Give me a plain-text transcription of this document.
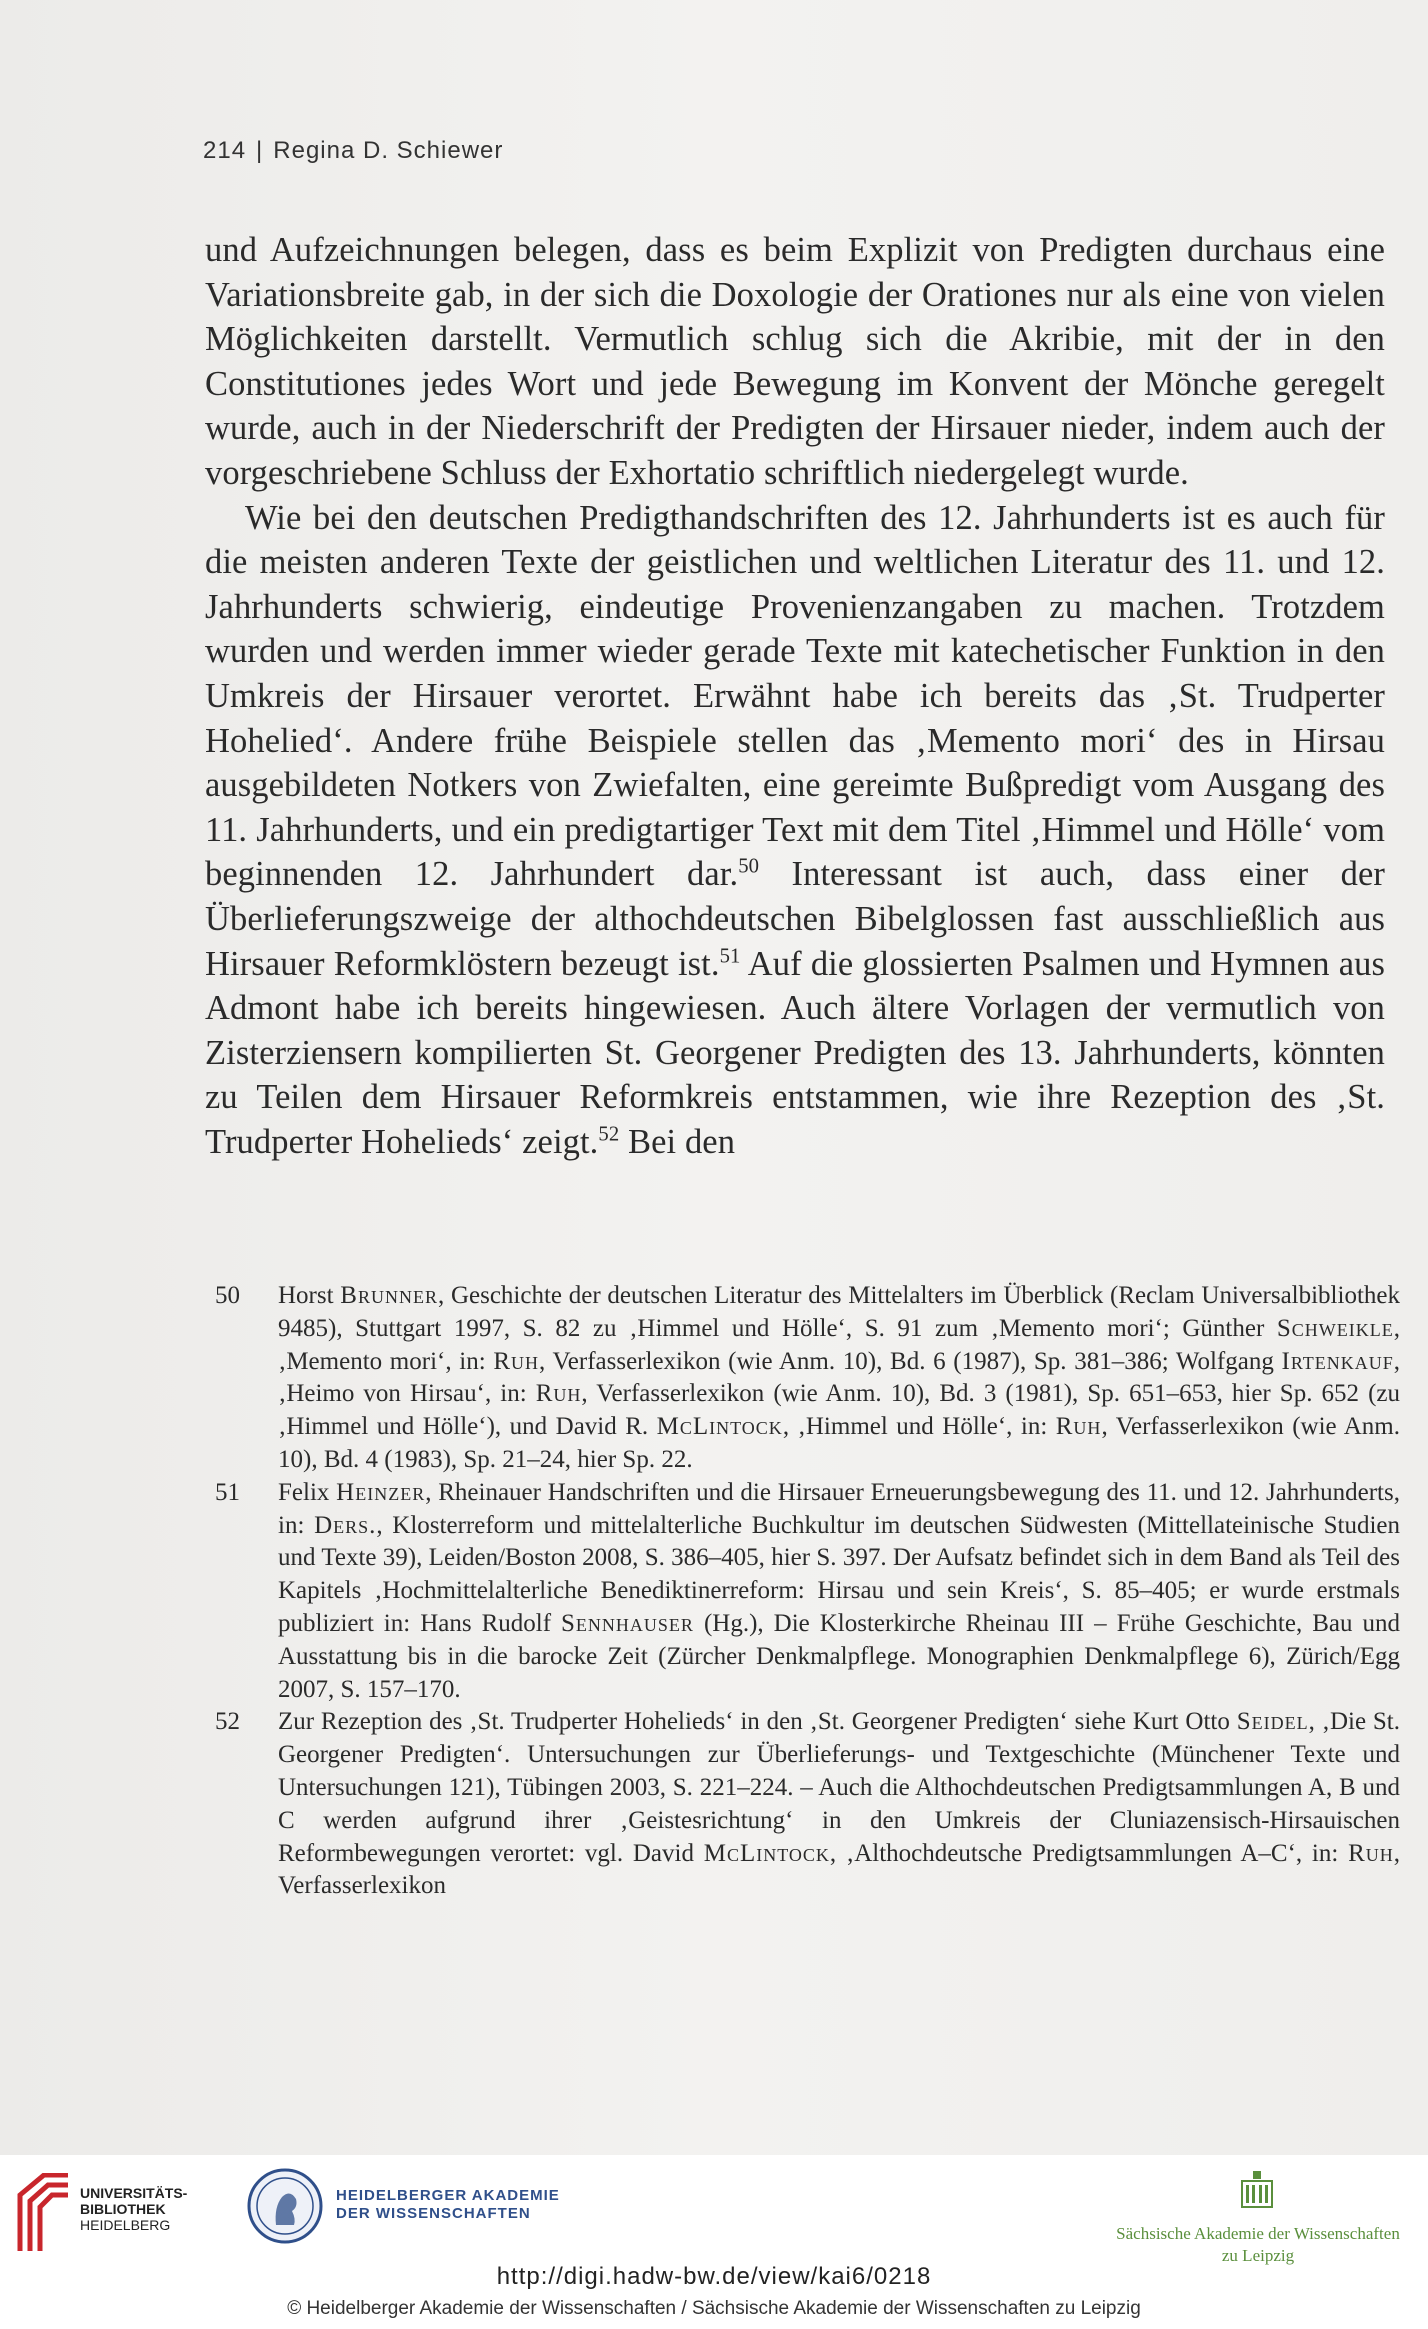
214 | Regina D. Schiewer

und Aufzeichnungen belegen, dass es beim Explizit von Predigten durchaus eine Variationsbreite gab, in der sich die Doxologie der Orationes nur als eine von vielen Möglichkeiten darstellt. Vermutlich schlug sich die Akribie, mit der in den Constitutiones jedes Wort und jede Bewegung im Konvent der Mönche geregelt wurde, auch in der Niederschrift der Predigten der Hirsauer nieder, indem auch der vorgeschriebene Schluss der Exhortatio schriftlich niedergelegt wurde.

Wie bei den deutschen Predigthandschriften des 12. Jahrhunderts ist es auch für die meisten anderen Texte der geistlichen und weltlichen Literatur des 11. und 12. Jahrhunderts schwierig, eindeutige Provenienzangaben zu machen. Trotzdem wurden und werden immer wieder gerade Texte mit katechetischer Funktion in den Umkreis der Hirsauer verortet. Erwähnt habe ich bereits das ‚St. Trudperter Hohelied‘. Andere frühe Beispiele stellen das ‚Memento mori‘ des in Hirsau ausgebildeten Notkers von Zwiefalten, eine gereimte Bußpredigt vom Ausgang des 11. Jahrhunderts, und ein predigtartiger Text mit dem Titel ‚Himmel und Hölle‘ vom beginnenden 12. Jahrhundert dar.$^{50}$ Interessant ist auch, dass einer der Überlieferungszweige der althochdeutschen Bibelglossen fast ausschließlich aus Hirsauer Reformklöstern bezeugt ist.$^{51}$ Auf die glossierten Psalmen und Hymnen aus Admont habe ich bereits hingewiesen. Auch ältere Vorlagen der vermutlich von Zisterziensern kompilierten St. Georgener Predigten des 13. Jahrhunderts, könnten zu Teilen dem Hirsauer Reformkreis entstammen, wie ihre Rezeption des ‚St. Trudperter Hohelieds‘ zeigt.$^{52}$ Bei den

50 Horst Brunner, Geschichte der deutschen Literatur des Mittelalters im Überblick (Reclam Universalbibliothek 9485), Stuttgart 1997, S. 82 zu ‚Himmel und Hölle‘, S. 91 zum ‚Memento mori‘; Günther Schweikle, ‚Memento mori‘, in: Ruh, Verfasserlexikon (wie Anm. 10), Bd. 6 (1987), Sp. 381–386; Wolfgang Irtenkauf, ‚Heimo von Hirsau‘, in: Ruh, Verfasserlexikon (wie Anm. 10), Bd. 3 (1981), Sp. 651–653, hier Sp. 652 (zu ‚Himmel und Hölle‘), und David R. McLintock, ‚Himmel und Hölle‘, in: Ruh, Verfasserlexikon (wie Anm. 10), Bd. 4 (1983), Sp. 21–24, hier Sp. 22.

51 Felix Heinzer, Rheinauer Handschriften und die Hirsauer Erneuerungsbewegung des 11. und 12. Jahrhunderts, in: Ders., Klosterreform und mittelalterliche Buchkultur im deutschen Südwesten (Mittellateinische Studien und Texte 39), Leiden/Boston 2008, S. 386–405, hier S. 397. Der Aufsatz befindet sich in dem Band als Teil des Kapitels ‚Hochmittelalterliche Benediktinerreform: Hirsau und sein Kreis‘, S. 85–405; er wurde erstmals publiziert in: Hans Rudolf Sennhauser (Hg.), Die Klosterkirche Rheinau III – Frühe Geschichte, Bau und Ausstattung bis in die barocke Zeit (Zürcher Denkmalpflege. Monographien Denkmalpflege 6), Zürich/Egg 2007, S. 157–170.

52 Zur Rezeption des ‚St. Trudperter Hohelieds‘ in den ‚St. Georgener Predigten‘ siehe Kurt Otto Seidel, ‚Die St. Georgener Predigten‘. Untersuchungen zur Überlieferungs- und Textgeschichte (Münchener Texte und Untersuchungen 121), Tübingen 2003, S. 221–224. – Auch die Althochdeutschen Predigtsammlungen A, B und C werden aufgrund ihrer ‚Geistesrichtung‘ in den Umkreis der Cluniazensisch-Hirsauischen Reformbewegungen verortet: vgl. David McLintock, ‚Althochdeutsche Predigtsammlungen A–C‘, in: Ruh, Verfasserlexikon

UNIVERSITÄTS-
BIBLIOTHEK
HEIDELBERG
HEIDELBERGER AKADEMIE
DER WISSENSCHAFTEN
Sächsische Akademie der Wissenschaften
zu Leipzig
http://digi.hadw-bw.de/view/kai6/0218
© Heidelberger Akademie der Wissenschaften / Sächsische Akademie der Wissenschaften zu Leipzig
